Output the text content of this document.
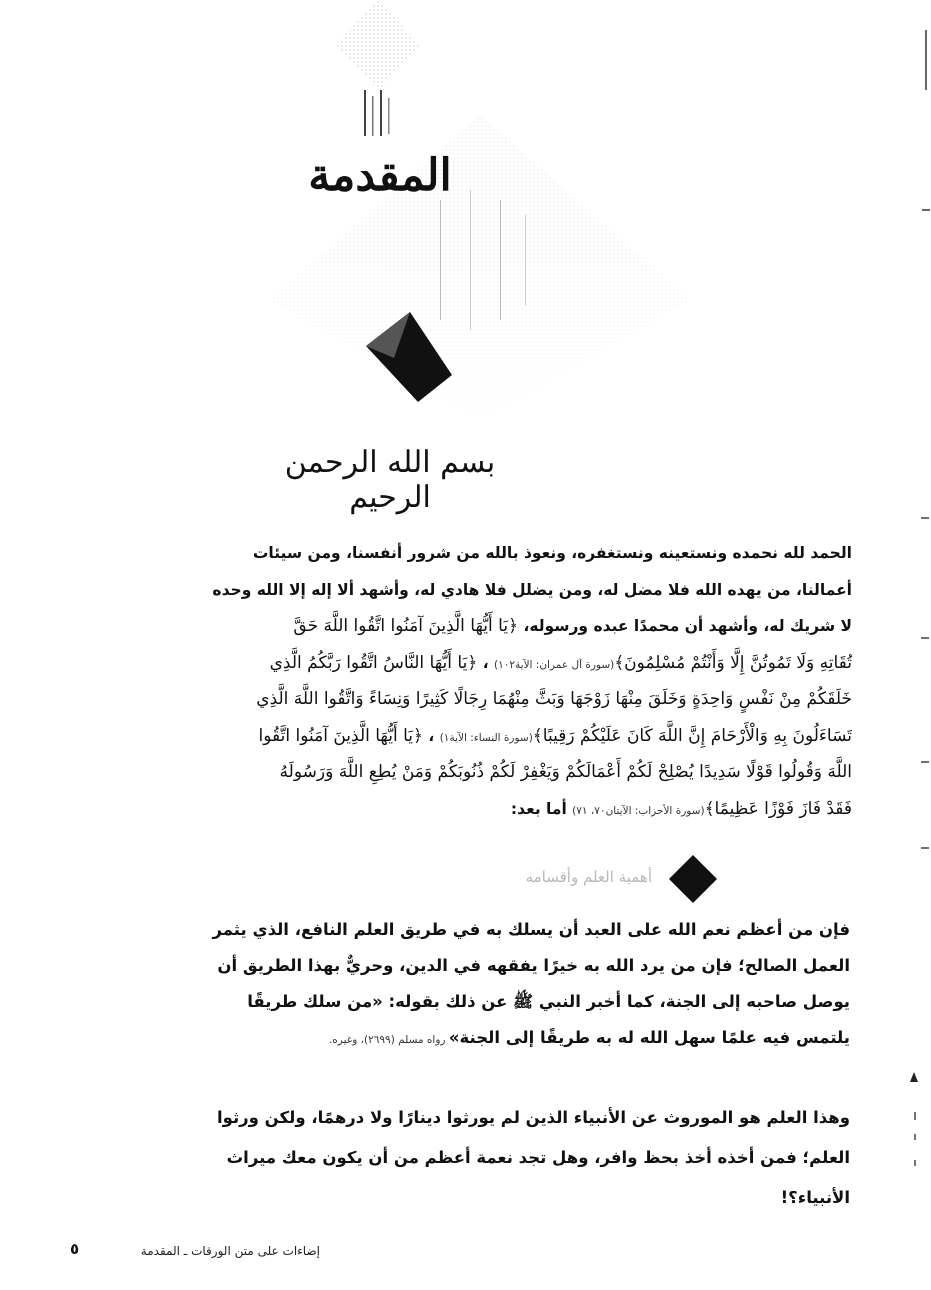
المقدمة
بسم الله الرحمن الرحيم
الحمد لله نحمده ونستعينه ونستغفره، ونعوذ بالله من شرور أنفسنا، ومن سيئات
أعمالنا، من يهده الله فلا مضل له، ومن يضلل فلا هادي له، وأشهد ألا إله إلا الله وحده
لا شريك له، وأشهد أن محمدًا عبده ورسوله، ﴿يَا أَيُّهَا الَّذِينَ آمَنُوا اتَّقُوا اللَّهَ حَقَّ
تُقَاتِهِ وَلَا تَمُوتُنَّ إِلَّا وَأَنْتُمْ مُسْلِمُونَ﴾(سورة آل عمران: الآية١٠٢) ، ﴿يَا أَيُّهَا النَّاسُ اتَّقُوا رَبَّكُمُ الَّذِي
خَلَقَكُمْ مِنْ نَفْسٍ وَاحِدَةٍ وَخَلَقَ مِنْهَا زَوْجَهَا وَبَثَّ مِنْهُمَا رِجَالًا كَثِيرًا وَنِسَاءً وَاتَّقُوا اللَّهَ الَّذِي
تَسَاءَلُونَ بِهِ وَالْأَرْحَامَ إِنَّ اللَّهَ كَانَ عَلَيْكُمْ رَقِيبًا﴾(سورة النساء: الآية١) ، ﴿يَا أَيُّهَا الَّذِينَ آمَنُوا اتَّقُوا
اللَّهَ وَقُولُوا قَوْلًا سَدِيدًا يُصْلِحْ لَكُمْ أَعْمَالَكُمْ وَيَغْفِرْ لَكُمْ ذُنُوبَكُمْ وَمَنْ يُطِعِ اللَّهَ وَرَسُولَهُ
فَقَدْ فَازَ فَوْزًا عَظِيمًا﴾(سورة الأحزاب: الآيتان٧٠، ٧١) أما بعد:
أهمية العلم وأقسامه
فإن من أعظم نعم الله على العبد أن يسلك به في طريق العلم النافع، الذي يثمر
العمل الصالح؛ فإن من يرد الله به خيرًا يفقهه في الدين، وحريٌّ بهذا الطريق أن
يوصل صاحبه إلى الجنة، كما أخبر النبي ﷺ عن ذلك بقوله: «من سلك طريقًا
يلتمس فيه علمًا سهل الله له به طريقًا إلى الجنة» رواه مسلم (٢٦٩٩)، وغيره.
وهذا العلم هو الموروث عن الأنبياء الذين لم يورثوا دينارًا ولا درهمًا، ولكن ورثوا
العلم؛ فمن أخذه أخذ بحظ وافر، وهل تجد نعمة أعظم من أن يكون معك ميراث
الأنبياء؟!
إضاءات على متن الورقات ـ المقدمة
٥
